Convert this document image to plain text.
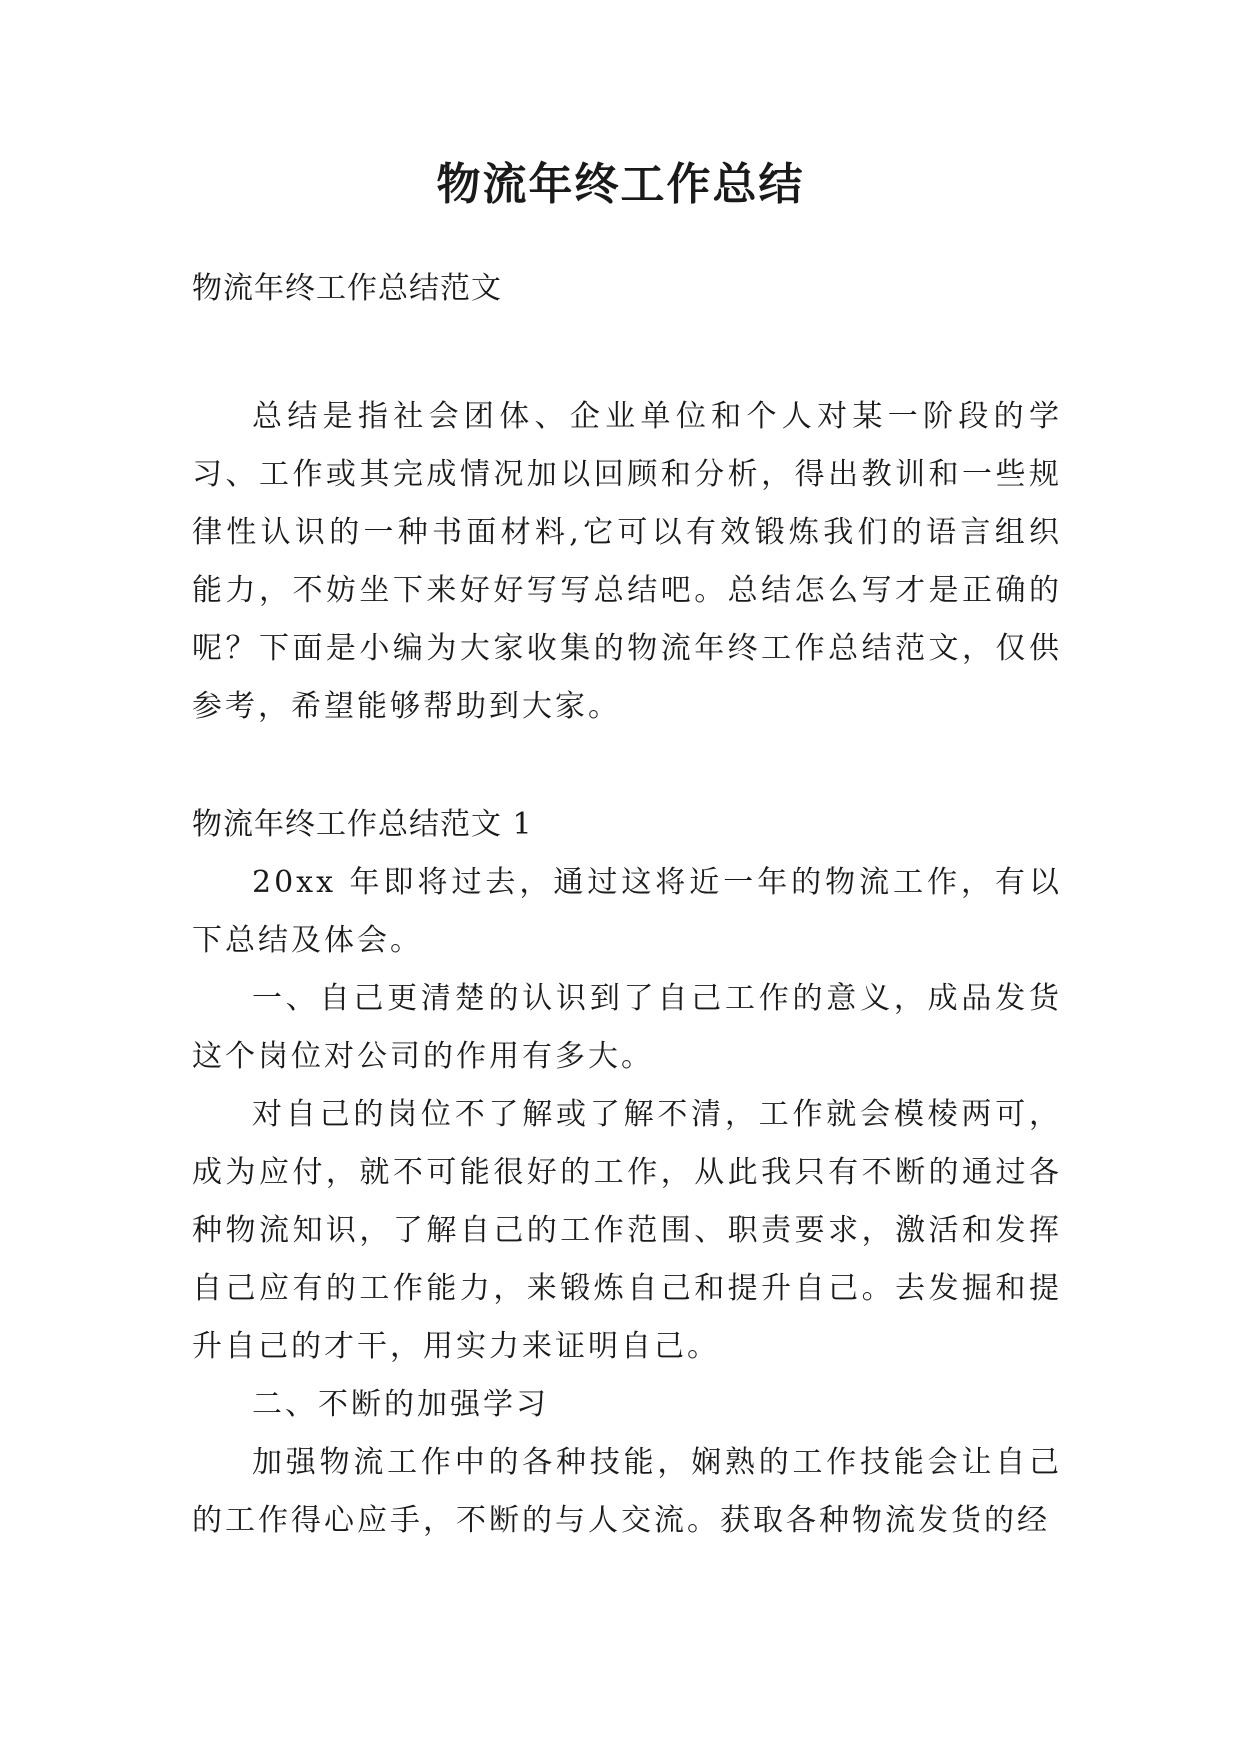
物流年终工作总结
物流年终工作总结范文

总结是指社会团体、企业单位和个人对某一阶段的学习、工作或其完成情况加以回顾和分析，得出教训和一些规律性认识的一种书面材料,它可以有效锻炼我们的语言组织能力，不妨坐下来好好写写总结吧。总结怎么写才是正确的呢？下面是小编为大家收集的物流年终工作总结范文，仅供参考，希望能够帮助到大家。

物流年终工作总结范文 1

20xx 年即将过去，通过这将近一年的物流工作，有以下总结及体会。

一、自己更清楚的认识到了自己工作的意义，成品发货这个岗位对公司的作用有多大。

对自己的岗位不了解或了解不清，工作就会模棱两可，成为应付，就不可能很好的工作，从此我只有不断的通过各种物流知识，了解自己的工作范围、职责要求，激活和发挥自己应有的工作能力，来锻炼自己和提升自己。去发掘和提升自己的才干，用实力来证明自己。

二、不断的加强学习

加强物流工作中的各种技能，娴熟的工作技能会让自己的工作得心应手，不断的与人交流。获取各种物流发货的经
